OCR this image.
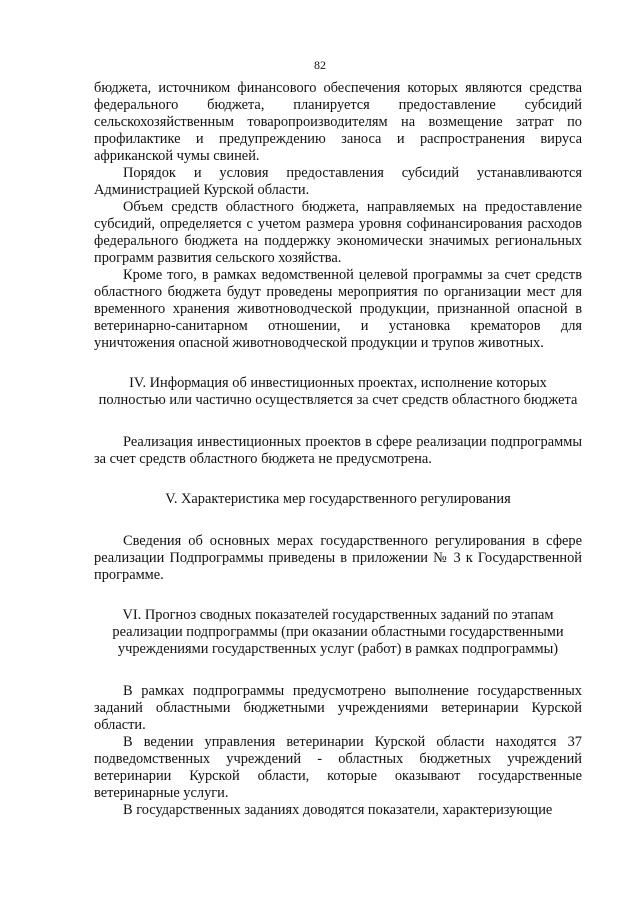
82

бюджета, источником финансового обеспечения которых являются средства федерального бюджета, планируется предоставление субсидий сельскохозяйственным товаропроизводителям на возмещение затрат по профилактике и предупреждению заноса и распространения вируса африканской чумы свиней.

Порядок и условия предоставления субсидий устанавливаются Администрацией Курской области.

Объем средств областного бюджета, направляемых на предоставление субсидий, определяется с учетом размера уровня софинансирования расходов федерального бюджета на поддержку экономически значимых региональных программ развития сельского хозяйства.

Кроме того, в рамках ведомственной целевой программы за счет средств областного бюджета будут проведены мероприятия по организации мест для временного хранения животноводческой продукции, признанной опасной в ветеринарно-санитарном отношении, и установка крематоров для уничтожения опасной животноводческой продукции и трупов животных.

IV. Информация об инвестиционных проектах, исполнение которых полностью или частично осуществляется за счет средств областного бюджета

Реализация инвестиционных проектов в сфере реализации подпрограммы за счет средств областного бюджета не предусмотрена.

V. Характеристика мер государственного регулирования

Сведения об основных мерах государственного регулирования в сфере реализации Подпрограммы приведены в приложении № 3 к Государственной программе.

VI. Прогноз сводных показателей государственных заданий по этапам реализации подпрограммы (при оказании областными государственными учреждениями государственных услуг (работ) в рамках подпрограммы)

В рамках подпрограммы предусмотрено выполнение государственных заданий областными бюджетными учреждениями ветеринарии Курской области.

В ведении управления ветеринарии Курской области находятся 37 подведомственных учреждений - областных бюджетных учреждений ветеринарии Курской области, которые оказывают государственные ветеринарные услуги.

В государственных заданиях доводятся показатели, характеризующие
